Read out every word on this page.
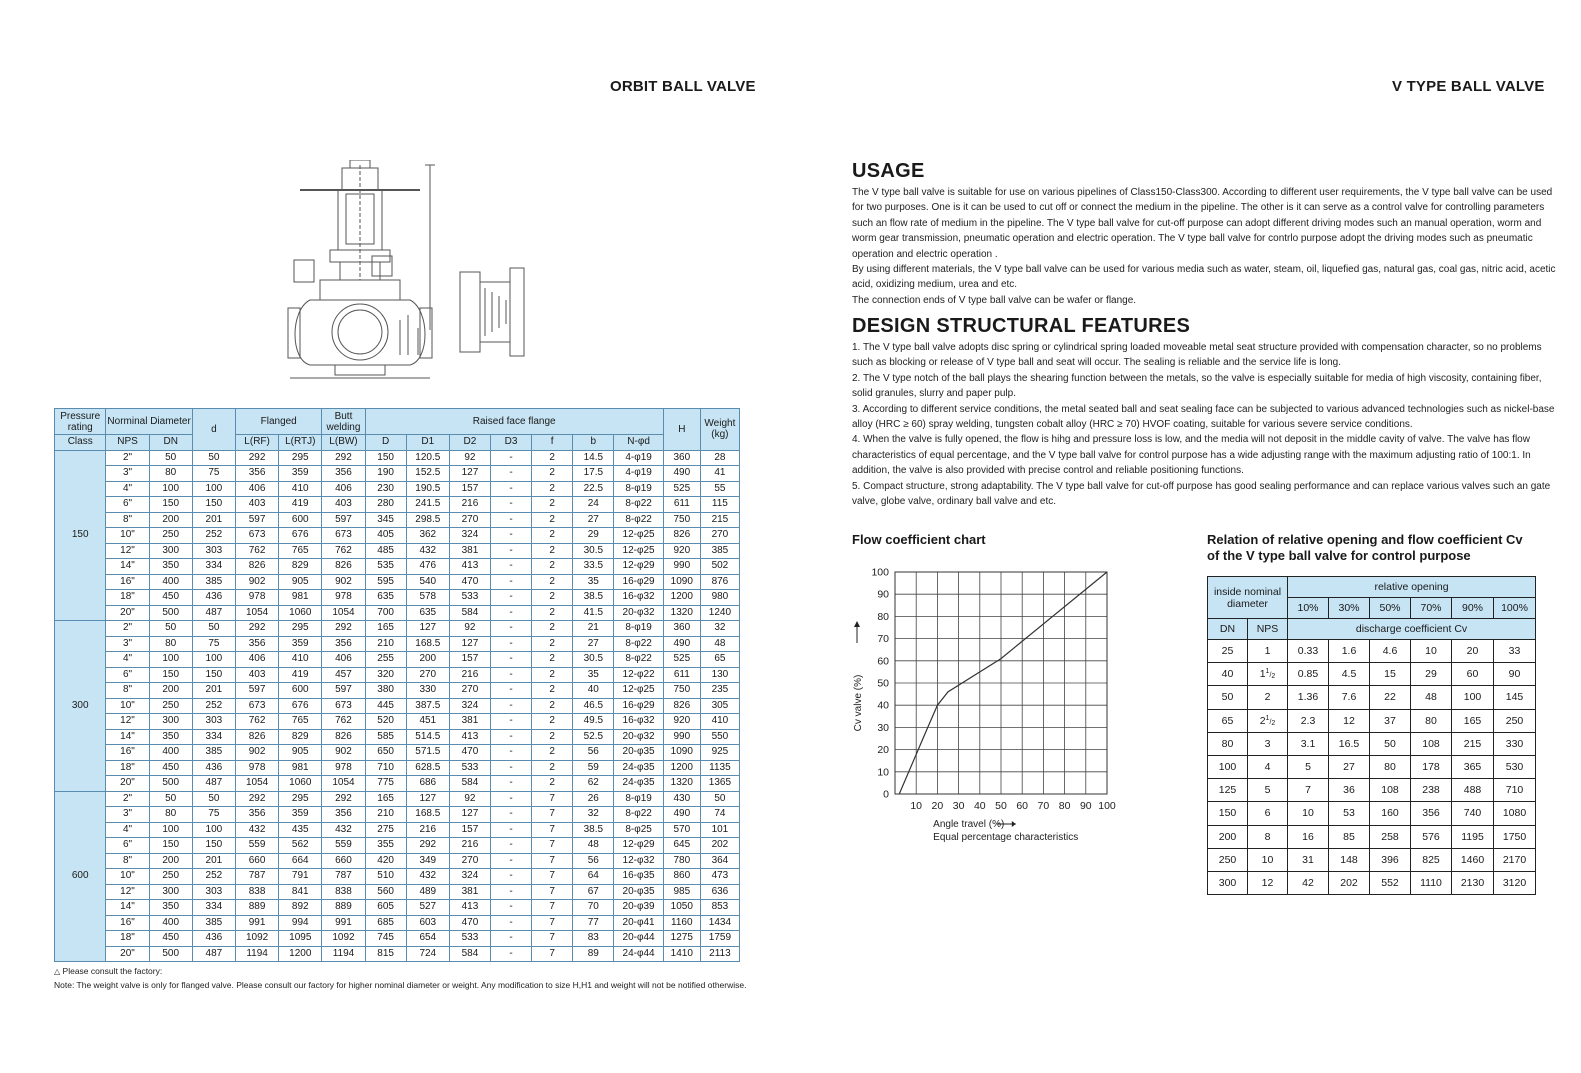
ORBIT BALL VALVE	V TYPE BALL VALVE
Pressure rating	Norminal Diameter		d	Flanged		Butt welding	Raised face flange							H	Weight (kg)
Class	NPS	DN		L(RF)	L(RTJ)	L(BW)	D	D1	D2	D3	f	b	N-φd		
150	2"	50	50	292	295	292	150	120.5	92	-	2	14.5	4-φ19	360	28
	3"	80	75	356	359	356	190	152.5	127	-	2	17.5	4-φ19	490	41
	4"	100	100	406	410	406	230	190.5	157	-	2	22.5	8-φ19	525	55
	6"	150	150	403	419	403	280	241.5	216	-	2	24	8-φ22	611	115
	8"	200	201	597	600	597	345	298.5	270	-	2	27	8-φ22	750	215
	10"	250	252	673	676	673	405	362	324	-	2	29	12-φ25	826	270
	12"	300	303	762	765	762	485	432	381	-	2	30.5	12-φ25	920	385
	14"	350	334	826	829	826	535	476	413	-	2	33.5	12-φ29	990	502
	16"	400	385	902	905	902	595	540	470	-	2	35	16-φ29	1090	876
	18"	450	436	978	981	978	635	578	533	-	2	38.5	16-φ32	1200	980
	20"	500	487	1054	1060	1054	700	635	584	-	2	41.5	20-φ32	1320	1240
300	2"	50	50	292	295	292	165	127	92	-	2	21	8-φ19	360	32
	3"	80	75	356	359	356	210	168.5	127	-	2	27	8-φ22	490	48
	4"	100	100	406	410	406	255	200	157	-	2	30.5	8-φ22	525	65
	6"	150	150	403	419	457	320	270	216	-	2	35	12-φ22	611	130
	8"	200	201	597	600	597	380	330	270	-	2	40	12-φ25	750	235
	10"	250	252	673	676	673	445	387.5	324	-	2	46.5	16-φ29	826	305
	12"	300	303	762	765	762	520	451	381	-	2	49.5	16-φ32	920	410
	14"	350	334	826	829	826	585	514.5	413	-	2	52.5	20-φ32	990	550
	16"	400	385	902	905	902	650	571.5	470	-	2	56	20-φ35	1090	925
	18"	450	436	978	981	978	710	628.5	533	-	2	59	24-φ35	1200	1135
	20"	500	487	1054	1060	1054	775	686	584	-	2	62	24-φ35	1320	1365
600	2"	50	50	292	295	292	165	127	92	-	7	26	8-φ19	430	50
	3"	80	75	356	359	356	210	168.5	127	-	7	32	8-φ22	490	74
	4"	100	100	432	435	432	275	216	157	-	7	38.5	8-φ25	570	101
	6"	150	150	559	562	559	355	292	216	-	7	48	12-φ29	645	202
	8"	200	201	660	664	660	420	349	270	-	7	56	12-φ32	780	364
	10"	250	252	787	791	787	510	432	324	-	7	64	16-φ35	860	473
	12"	300	303	838	841	838	560	489	381	-	7	67	20-φ35	985	636
	14"	350	334	889	892	889	605	527	413	-	7	70	20-φ39	1050	853
	16"	400	385	991	994	991	685	603	470	-	7	77	20-φ41	1160	1434
	18"	450	436	1092	1095	1092	745	654	533	-	7	83	20-φ44	1275	1759
	20"	500	487	1194	1200	1194	815	724	584	-	7	89	24-φ44	1410	2113
△ Please consult the factory:
Note: The weight valve is only for flanged valve. Please consult our factory for higher nominal diameter or weight. Any modification to size H,H1 and weight will not be notified otherwise.
USAGE

The V type ball valve is suitable for use on various pipelines of Class150-Class300. According to different user requirements, the V type ball valve can be used for two purposes. One is it can be used to cut off or connect the medium in the pipeline. The other is it can serve as a control valve for controlling parameters such an flow rate of medium in the pipeline. The V type ball valve for cut-off purpose can adopt different driving modes such an manual operation, worm and worm gear transmission, pneumatic operation and electric operation. The V type ball valve for contrlo purpose adopt the driving modes such as pneumatic operation and electric operation .

By using different materials, the V type ball valve can be used for various media such as water, steam, oil, liquefied gas, natural gas, coal gas, nitric acid, acetic acid, oxidizing medium, urea and etc.

The connection ends of V type ball valve can be wafer or flange.

DESIGN STRUCTURAL FEATURES

1. The V type ball valve adopts disc spring or cylindrical spring loaded moveable metal seat structure provided with compensation character, so no problems such as blocking or release of V type ball and seat will occur. The sealing is reliable and the service life is long.

2. The V type notch of the ball plays the shearing function between the metals, so the valve is especially suitable for media of high viscosity, containing fiber, solid granules, slurry and paper pulp.

3. According to different service conditions, the metal seated ball and seat sealing face can be subjected to various advanced technologies such as nickel-base alloy (HRC ≥ 60) spray welding, tungsten cobalt alloy (HRC ≥ 70) HVOF coating, suitable for various severe service conditions.

4. When the valve is fully opened, the flow is hihg and pressure loss is low, and the media will not deposit in the middle cavity of valve. The valve has flow characteristics of equal percentage, and the V type ball valve for control purpose has a wide adjusting range with the maximum adjusting ratio of 100:1. In addition, the valve is also provided with precise control and reliable positioning functions.

5. Compact structure, strong adaptability. The V type ball valve for cut-off purpose has good sealing performance and can replace various valves such an gate valve, globe valve, ordinary ball valve and etc.

Flow coefficient chart
0
10
20
30
40
50
60
70
80
90
100
10 20 30 40 50 60 70 80 90 100
Cv valve (%)
Angle travel (%)
Equal percentage characteristics
Relation of relative opening and flow coefficient Cv of the V type ball valve for control purpose
inside nominal diameter		relative opening					
		10%	30%	50%	70%	90%	100%
DN	NPS	discharge coefficient Cv					
25	1	0.33	1.6	4.6	10	20	33
40	$1^1/_2$	0.85	4.5	15	29	60	90
50	2	1.36	7.6	22	48	100	145
65	$2^1/_2$	2.3	12	37	80	165	250
80	3	3.1	16.5	50	108	215	330
100	4	5	27	80	178	365	530
125	5	7	36	108	238	488	710
150	6	10	53	160	356	740	1080
200	8	16	85	258	576	1195	1750
250	10	31	148	396	825	1460	2170
300	12	42	202	552	1110	2130	3120
